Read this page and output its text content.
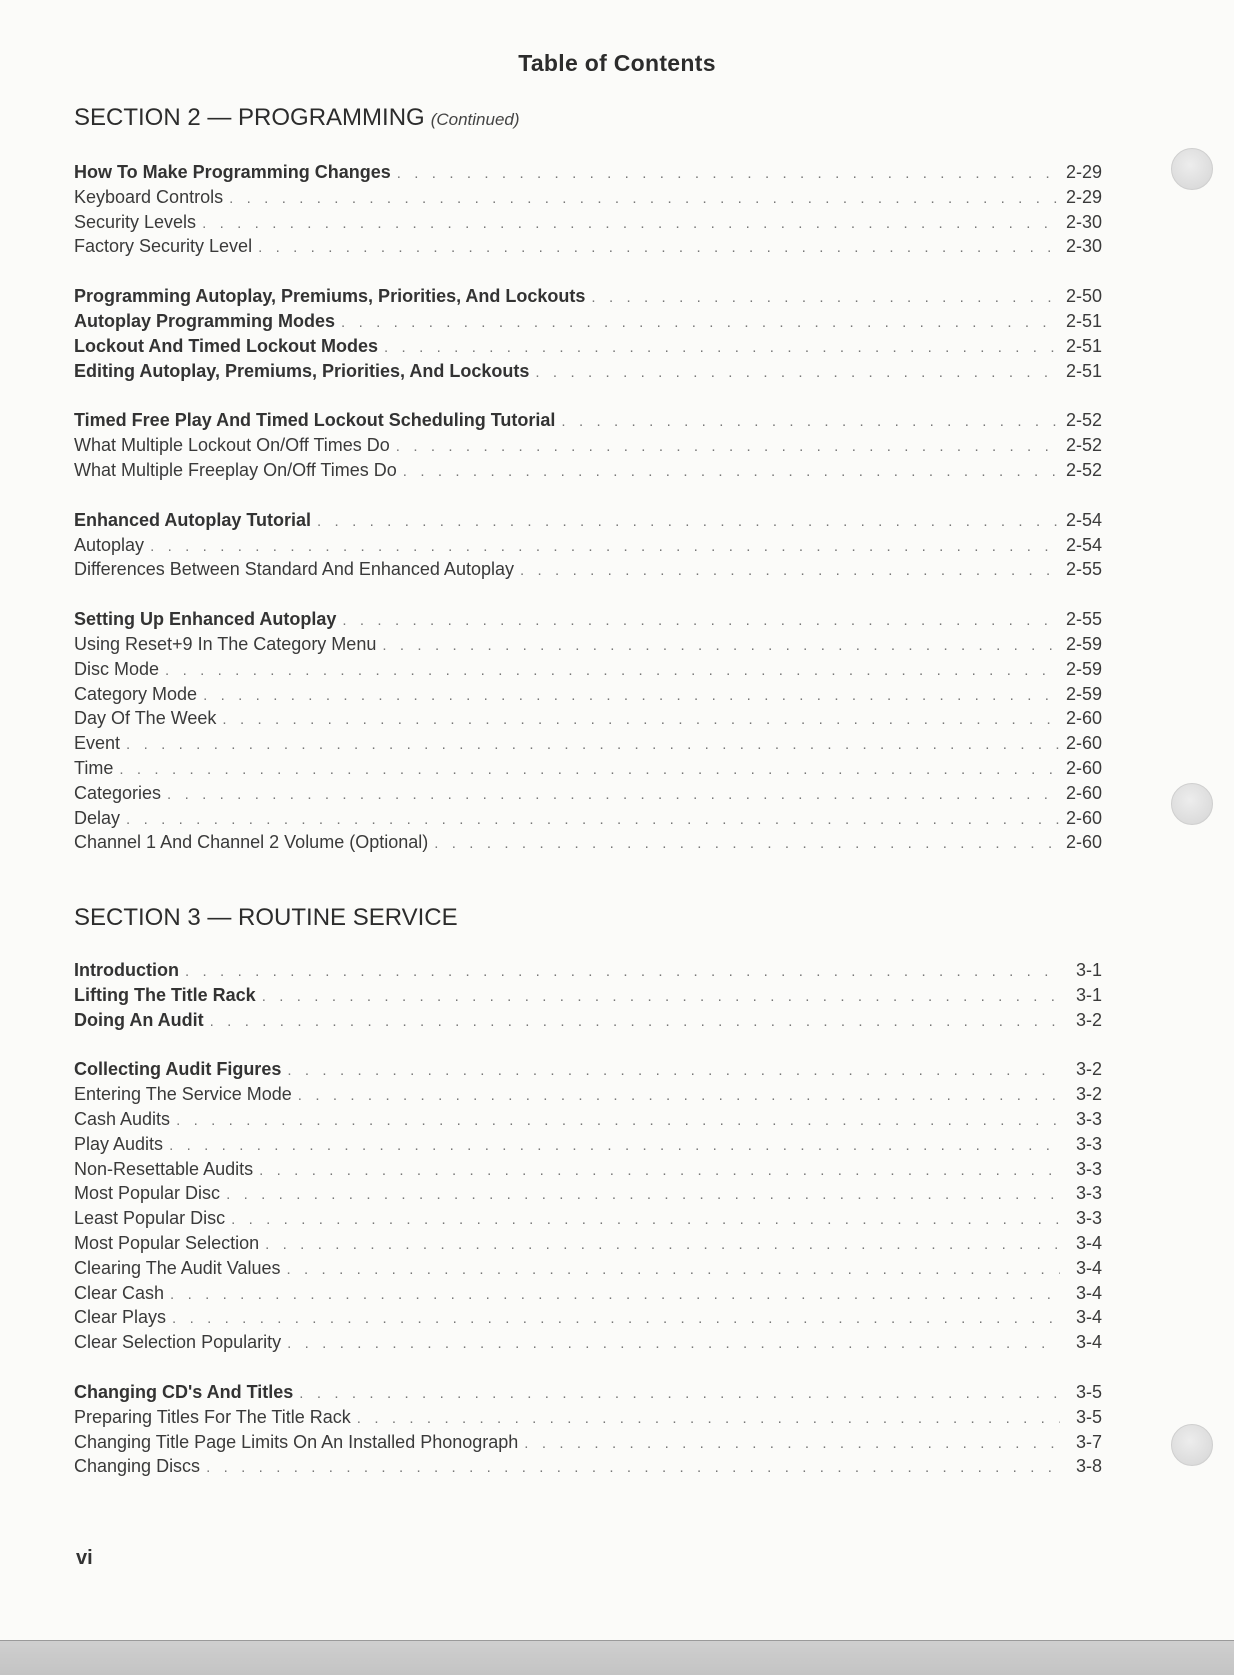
Table of Contents
SECTION 2 — PROGRAMMING (Continued)
How To Make Programming Changes . . .	2-29
Keyboard Controls . . .	2-29
Security Levels . . .	2-30
Factory Security Level . . .	2-30
Programming Autoplay, Premiums, Priorities, And Lockouts . . .	2-50
Autoplay Programming Modes . . .	2-51
Lockout And Timed Lockout Modes . . .	2-51
Editing Autoplay, Premiums, Priorities, And Lockouts . . .	2-51
Timed Free Play And Timed Lockout Scheduling Tutorial . . .	2-52
What Multiple Lockout On/Off Times Do . . .	2-52
What Multiple Freeplay On/Off Times Do . . .	2-52
Enhanced Autoplay Tutorial . . .	2-54
Autoplay . . .	2-54
Differences Between Standard And Enhanced Autoplay . . .	2-55
Setting Up Enhanced Autoplay . . .	2-55
Using Reset+9 In The Category Menu . . .	2-59
Disc Mode . . .	2-59
Category Mode . . .	2-59
Day Of The Week . . .	2-60
Event . . .	2-60
Time . . .	2-60
Categories . . .	2-60
Delay . . .	2-60
Channel 1 And Channel 2 Volume (Optional) . . .	2-60
SECTION 3 — ROUTINE SERVICE
Introduction . . .	3-1
Lifting The Title Rack . . .	3-1
Doing An Audit . . .	3-2
Collecting Audit Figures . . .	3-2
Entering The Service Mode . . .	3-2
Cash Audits . . .	3-3
Play Audits . . .	3-3
Non-Resettable Audits . . .	3-3
Most Popular Disc . . .	3-3
Least Popular Disc . . .	3-3
Most Popular Selection . . .	3-4
Clearing The Audit Values . . .	3-4
Clear Cash . . .	3-4
Clear Plays . . .	3-4
Clear Selection Popularity . . .	3-4
Changing CD's And Titles . . .	3-5
Preparing Titles For The Title Rack . . .	3-5
Changing Title Page Limits On An Installed Phonograph . . .	3-7
Changing Discs . . .	3-8
vi
